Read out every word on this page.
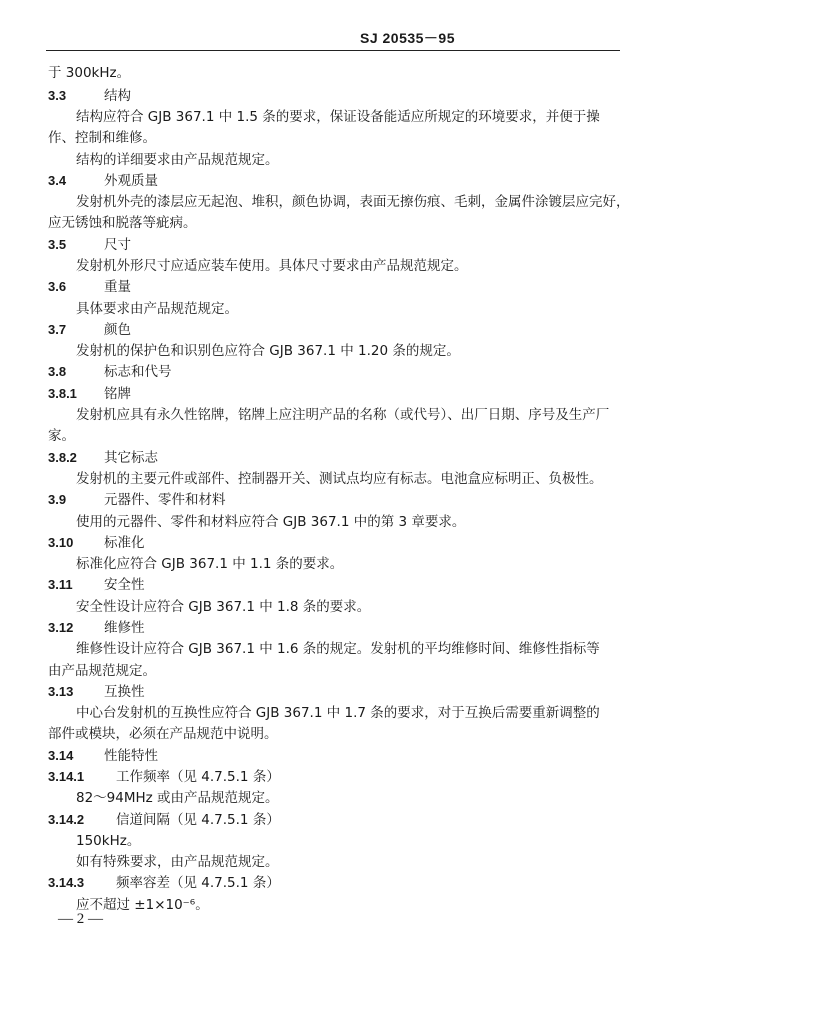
SJ 20535－95
于 300kHz。
3.3	结构
结构应符合 GJB 367.1 中 1.5 条的要求，保证设备能适应所规定的环境要求，并便于操
作、控制和维修。
结构的详细要求由产品规范规定。
3.4	外观质量
发射机外壳的漆层应无起泡、堆积，颜色协调，表面无擦伤痕、毛刺，金属件涂镀层应完好，
应无锈蚀和脱落等疵病。
3.5	尺寸
发射机外形尺寸应适应装车使用。具体尺寸要求由产品规范规定。
3.6	重量
具体要求由产品规范规定。
3.7	颜色
发射机的保护色和识别色应符合 GJB 367.1 中 1.20 条的规定。
3.8	标志和代号
3.8.1 铭牌
发射机应具有永久性铭牌，铭牌上应注明产品的名称（或代号）、出厂日期、序号及生产厂
家。
3.8.2 其它标志
发射机的主要元件或部件、控制器开关、测试点均应有标志。电池盒应标明正、负极性。
3.9	元器件、零件和材料
使用的元器件、零件和材料应符合 GJB 367.1 中的第 3 章要求。
3.10 标准化
标准化应符合 GJB 367.1 中 1.1 条的要求。
3.11 安全性
安全性设计应符合 GJB 367.1 中 1.8 条的要求。
3.12 维修性
维修性设计应符合 GJB 367.1 中 1.6 条的规定。发射机的平均维修时间、维修性指标等
由产品规范规定。
3.13 互换性
中心台发射机的互换性应符合 GJB 367.1 中 1.7 条的要求，对于互换后需要重新调整的
部件或模块，必须在产品规范中说明。
3.14 性能特性
3.14.1 工作频率（见 4.7.5.1 条）
82～94MHz 或由产品规范规定。
3.14.2 信道间隔（见 4.7.5.1 条）
150kHz。
如有特殊要求，由产品规范规定。
3.14.3 频率容差（见 4.7.5.1 条）
应不超过 ±1×10⁻⁶。
— 2 —
